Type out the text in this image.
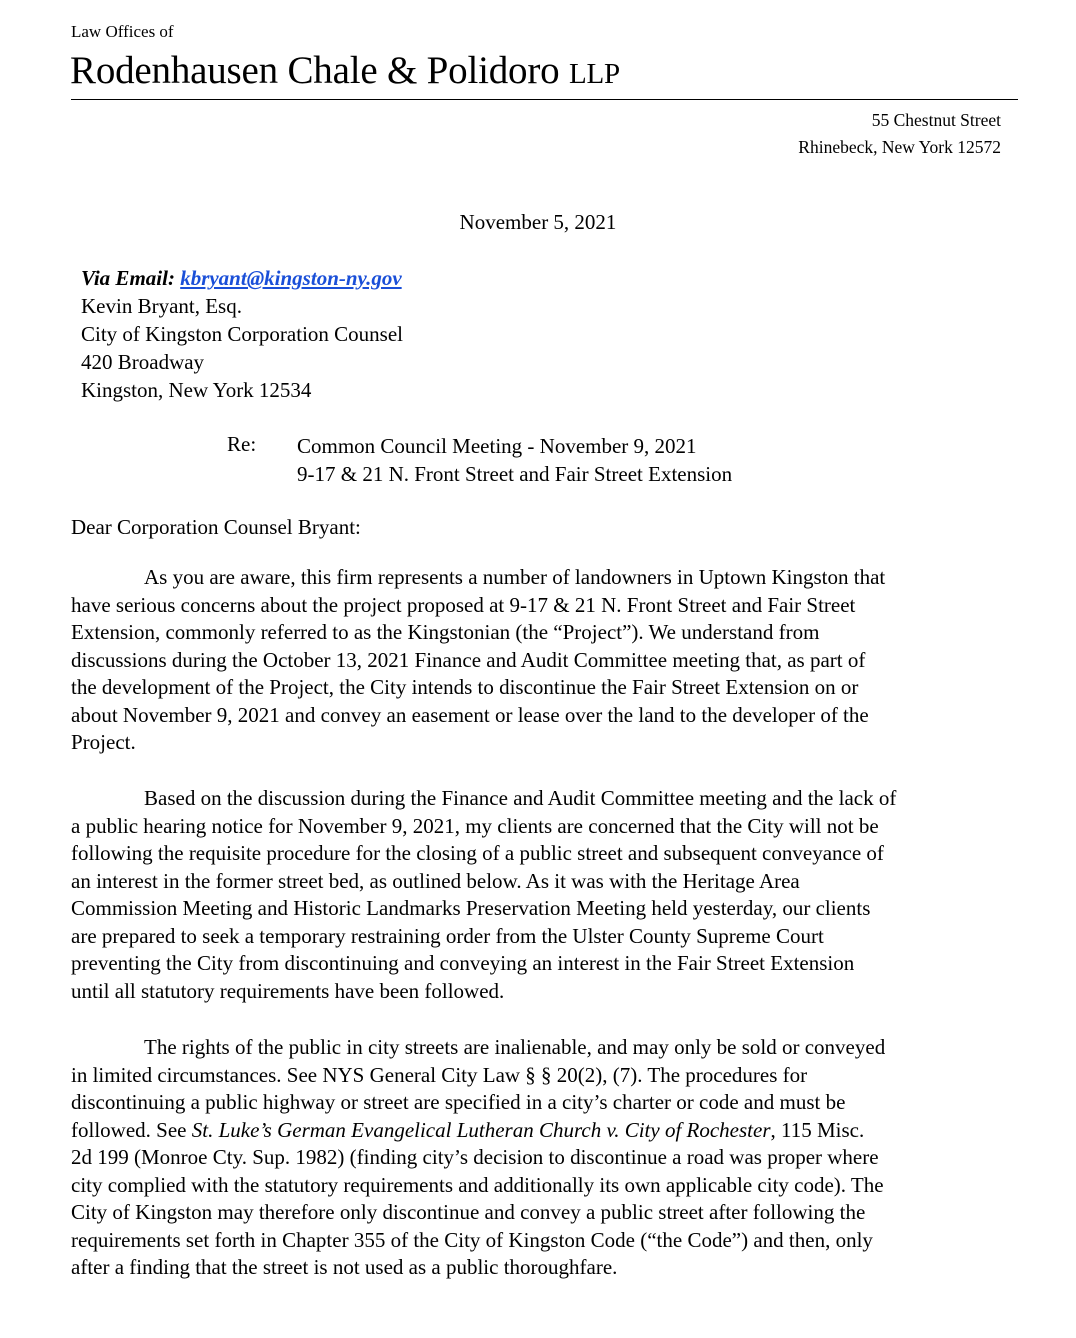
Law Offices of
Rodenhausen Chale & Polidoro LLP
55 Chestnut Street
Rhinebeck, New York 12572
November 5, 2021
Via Email: kbryant@kingston-ny.gov
Kevin Bryant, Esq.
City of Kingston Corporation Counsel
420 Broadway
Kingston, New York 12534
Re: Common Council Meeting - November 9, 2021
9-17 & 21 N. Front Street and Fair Street Extension
Dear Corporation Counsel Bryant:
As you are aware, this firm represents a number of landowners in Uptown Kingston that
have serious concerns about the project proposed at 9-17 & 21 N. Front Street and Fair Street
Extension, commonly referred to as the Kingstonian (the “Project”). We understand from
discussions during the October 13, 2021 Finance and Audit Committee meeting that, as part of
the development of the Project, the City intends to discontinue the Fair Street Extension on or
about November 9, 2021 and convey an easement or lease over the land to the developer of the
Project.
Based on the discussion during the Finance and Audit Committee meeting and the lack of
a public hearing notice for November 9, 2021, my clients are concerned that the City will not be
following the requisite procedure for the closing of a public street and subsequent conveyance of
an interest in the former street bed, as outlined below. As it was with the Heritage Area
Commission Meeting and Historic Landmarks Preservation Meeting held yesterday, our clients
are prepared to seek a temporary restraining order from the Ulster County Supreme Court
preventing the City from discontinuing and conveying an interest in the Fair Street Extension
until all statutory requirements have been followed.
The rights of the public in city streets are inalienable, and may only be sold or conveyed
in limited circumstances. See NYS General City Law § § 20(2), (7). The procedures for
discontinuing a public highway or street are specified in a city’s charter or code and must be
followed. See St. Luke’s German Evangelical Lutheran Church v. City of Rochester, 115 Misc.
2d 199 (Monroe Cty. Sup. 1982) (finding city’s decision to discontinue a road was proper where
city complied with the statutory requirements and additionally its own applicable city code). The
City of Kingston may therefore only discontinue and convey a public street after following the
requirements set forth in Chapter 355 of the City of Kingston Code (“the Code”) and then, only
after a finding that the street is not used as a public thoroughfare.
